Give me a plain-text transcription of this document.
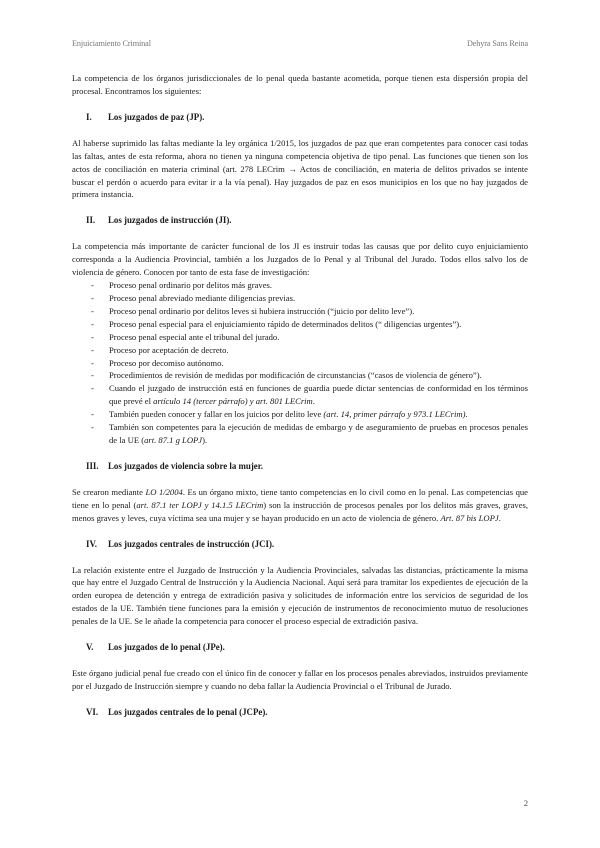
Enjuiciamiento Criminal	Dehyra Sans Reina

La competencia de los órganos jurisdiccionales de lo penal queda bastante acometida, porque tienen esta dispersión propia del procesal. Encontramos los siguientes:

I.	Los juzgados de paz (JP).

Al haberse suprimido las faltas mediante la ley orgánica 1/2015, los juzgados de paz que eran competentes para conocer casi todas las faltas, antes de esta reforma, ahora no tienen ya ninguna competencia objetiva de tipo penal. Las funciones que tienen son los actos de conciliación en materia criminal (art. 278 LECrim → Actos de conciliación, en materia de delitos privados se intente buscar el perdón o acuerdo para evitar ir a la vía penal). Hay juzgados de paz en esos municipios en los que no hay juzgados de primera instancia.

II.	Los juzgados de instrucción (JI).

La competencia más importante de carácter funcional de los JI es instruir todas las causas que por delito cuyo enjuiciamiento corresponda a la Audiencia Provincial, también a los Juzgados de lo Penal y al Tribunal del Jurado. Todos ellos salvo los de violencia de género. Conocen por tanto de esta fase de investigación:

- Proceso penal ordinario por delitos más graves.
- Proceso penal abreviado mediante diligencias previas.
- Proceso penal ordinario por delitos leves si hubiera instrucción (“juicio por delito leve”).
- Proceso penal especial para el enjuiciamiento rápido de determinados delitos (“ diligencias urgentes”).
- Proceso penal especial ante el tribunal del jurado.
- Proceso por aceptación de decreto.
- Proceso por decomiso autónomo.
- Procedimientos de revisión de medidas por modificación de circunstancias (“casos de violencia de género”).
- Cuando el juzgado de instrucción está en funciones de guardia puede dictar sentencias de conformidad en los términos que prevé el artículo 14 (tercer párrafo) y art. 801 LECrim.
- También pueden conocer y fallar en los juicios por delito leve (art. 14, primer párrafo y 973.1 LECrim).
- También son competentes para la ejecución de medidas de embargo y de aseguramiento de pruebas en procesos penales de la UE (art. 87.1 g LOPJ).
III.	Los juzgados de violencia sobre la mujer.

Se crearon mediante LO 1/2004. Es un órgano mixto, tiene tanto competencias en lo civil como en lo penal. Las competencias que tiene en lo penal (art. 87.1 ter LOPJ y 14.1.5 LECrim) son la instrucción de procesos penales por los delitos más graves, graves, menos graves y leves, cuya víctima sea una mujer y se hayan producido en un acto de violencia de género. Art. 87 bis LOPJ.

IV.	Los juzgados centrales de instrucción (JCI).

La relación existente entre el Juzgado de Instrucción y la Audiencia Provinciales, salvadas las distancias, prácticamente la misma que hay entre el Juzgado Central de Instrucción y la Audiencia Nacional. Aquí será para tramitar los expedientes de ejecución de la orden europea de detención y entrega de extradición pasiva y solicitudes de información entre los servicios de seguridad de los estados de la UE. También tiene funciones para la emisión y ejecución de instrumentos de reconocimiento mutuo de resoluciones penales de la UE. Se le añade la competencia para conocer el proceso especial de extradición pasiva.

V.	Los juzgados de lo penal (JPe).

Este órgano judicial penal fue creado con el único fin de conocer y fallar en los procesos penales abreviados, instruidos previamente por el Juzgado de Instrucción siempre y cuando no deba fallar la Audiencia Provincial o el Tribunal de Jurado.

VI.	Los juzgados centrales de lo penal (JCPe).
2
